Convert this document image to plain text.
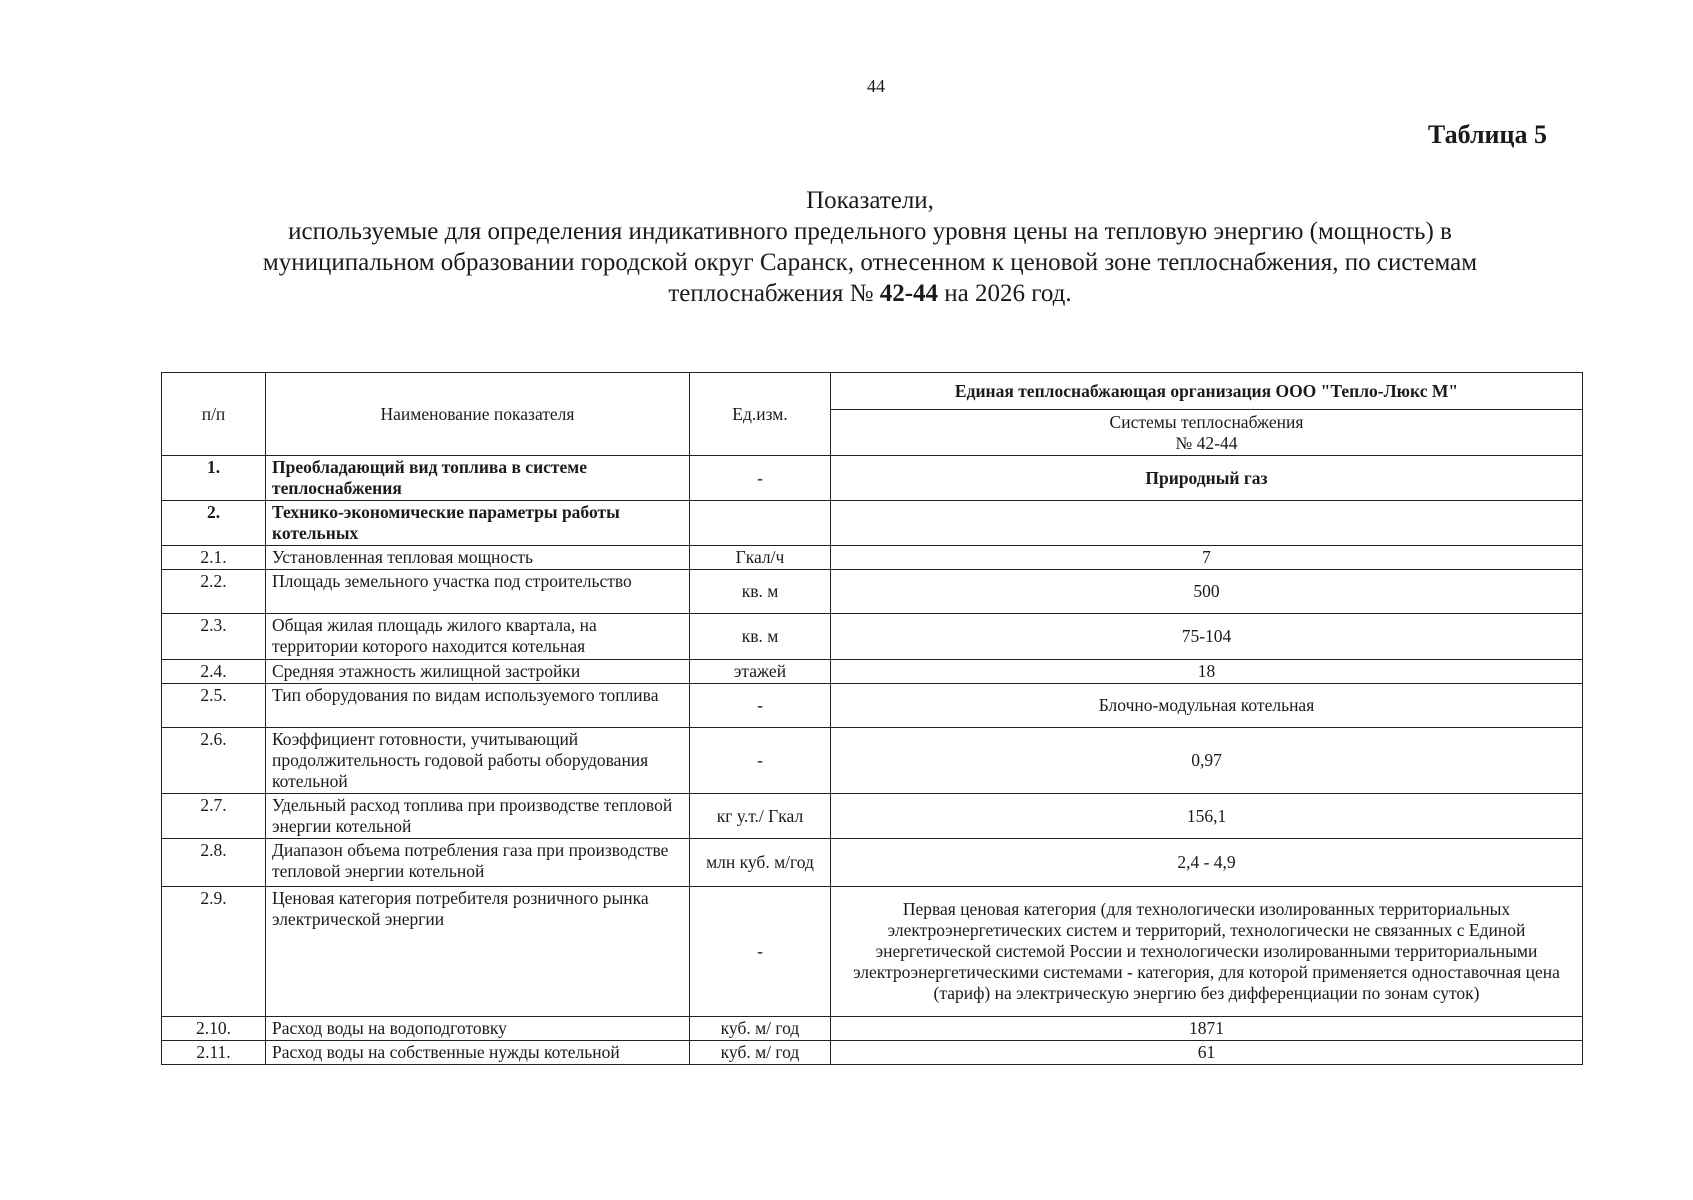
44
Таблица 5
Показатели,
используемые для определения индикативного предельного уровня цены на тепловую энергию (мощность) в
муниципальном образовании городской округ Саранск, отнесенном к ценовой зоне теплоснабжения, по системам
теплоснабжения № 42-44 на 2026 год.
п/п	Наименование показателя	Ед.изм.	Единая теплоснабжающая организация ООО "Тепло-Люкс М"

			Системы теплоснабжения
№ 42-44

1.	Преобладающий вид топлива в системе теплоснабжения	-	Природный газ
2.	Технико-экономические параметры работы котельных		
2.1.	Установленная тепловая мощность	Гкал/ч	7
2.2.	Площадь земельного участка под строительство	кв. м	500
2.3.	Общая жилая площадь жилого квартала, на территории которого находится котельная	кв. м	75-104
2.4.	Средняя этажность жилищной застройки	этажей	18
2.5.	Тип оборудования по видам используемого топлива	-	Блочно-модульная котельная
2.6.	Коэффициент готовности, учитывающий продолжительность годовой работы оборудования котельной	-	0,97
2.7.	Удельный расход топлива при производстве тепловой энергии котельной	кг у.т./ Гкал	156,1
2.8.	Диапазон объема потребления газа при производстве тепловой энергии котельной	млн куб. м/год	2,4 - 4,9
2.9.	Ценовая категория потребителя розничного рынка электрической энергии	-	Первая ценовая категория (для технологически изолированных территориальных электроэнергетических систем и территорий, технологически не связанных с Единой энергетической системой России и технологически изолированными территориальными электроэнергетическими системами - категория, для которой применяется одноставочная цена (тариф) на электрическую энергию без дифференциации по зонам суток)
2.10.	Расход воды на водоподготовку	куб. м/ год	1871
2.11.	Расход воды на собственные нужды котельной	куб. м/ год	61
